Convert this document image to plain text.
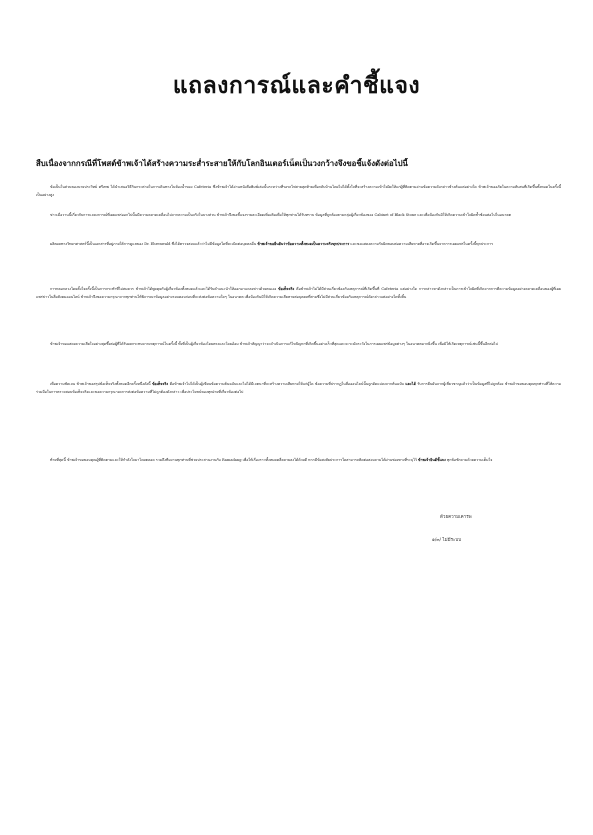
แถลงการณ์และคำชี้แจง
สืบเนื่องจากกรณีที่โพสต์ข้าพเจ้าได้สร้างความระส่ำระสายให้กับโลกอินเตอร์เน็ตเป็นวงกว้างจึงขอชี้แจ้งดังต่อไปนี้
ข้อเป็นในส่วนของนายประวิทย์ ศรีเทพ ได้นำเสนอวิธีกินกระต่ายในการเดินทางในห้องน้ำของ Cafeteria ซึ่งข้าพเจ้าได้อ่านหนังสือพิมพ์เล่มนั้นระหว่างที่รอรถไฟสายสุดท้ายเพื่อกลับบ้านโดยไม่ได้ตั้งใจที่จะสร้างความเข้าใจผิดให้แก่ผู้ที่ติดตามอ่านข้อความดังกล่าวข้างต้นแต่อย่างใด ข้าพเจ้าขออภัยในความสับสนที่เกิดขึ้นทั้งหมดในครั้งนี้เป็นอย่างสูง
ข่าวเมื่อวานนี้เกี่ยวกับการแถลงการณ์ที่เผยแพร่ออกไปนั้นมีความคลาดเคลื่อนไปจากความเป็นจริงในบางส่วน ข้าพเจ้าจึงขอชี้แจงรายละเอียดเพิ่มเติมเพื่อให้ทุกท่านได้รับทราบ ข้อมูลที่ถูกต้องตามกลุ่มผู้เกี่ยวข้องของ Cabinet of Black Stone และเพื่อป้องกันมิให้เกิดความเข้าใจผิดซ้ำซ้อนต่อไปในอนาคต
ผลิตผลทางวิทยาศาสตร์นี้เป็นเอกสารที่อยู่ภายใต้การดูแลของ Dr. Ehrenwald ซึ่งได้ตรวจสอบแล้วว่าไม่มีข้อมูลใดที่ละเมิดต่อบุคคลอื่น ข้าพเจ้าขอยืนยันว่าข้อความทั้งหมดเป็นความจริงทุกประการ และขอแสดงความรับผิดชอบต่อความเสียหายที่อาจเกิดขึ้นจากการเผยแพร่ในครั้งนี้ทุกประการ
การหลอกลวงโดยตั้งใจครั้งนี้เป็นการกระทำที่ไม่สมควร ข้าพเจ้าได้พูดคุยกับผู้เกี่ยวข้องทั้งหมดแล้วและได้รับคำแนะนำให้ออกมาแถลงข่าวด้วยตนเอง ข้อเท็จจริง คือข้าพเจ้าไม่ได้มีส่วนเกี่ยวข้องกับเหตุการณ์ที่เกิดขึ้นที่ Cafeteria แต่อย่างใด การกล่าวหาดังกล่าวเป็นการเข้าใจผิดที่เกิดจากการตีความข้อมูลอย่างคลาดเคลื่อนของผู้ที่เผยแพร่ข่าวในสื่อสังคมออนไลน์ ข้าพเจ้าจึงขอความกรุณาจากทุกท่านให้พิจารณาข้อมูลอย่างรอบคอบก่อนที่จะส่งต่อข้อความใดๆ ในอนาคต เพื่อป้องกันมิให้เกิดความเสียหายต่อบุคคลที่สามซึ่งไม่มีส่วนเกี่ยวข้องกับเหตุการณ์ดังกล่าวแต่อย่างใดทั้งสิ้น
ข้าพเจ้าขอแสดงความเสียใจอย่างสุดซึ้งต่อผู้ที่ได้รับผลกระทบจากเหตุการณ์ในครั้งนี้ ทั้งที่เป็นผู้เกี่ยวข้องโดยตรงและโดยอ้อม ข้าพเจ้าสัญญาว่าจะดำเนินการแก้ไขปัญหาที่เกิดขึ้นอย่างเร็วที่สุดและจะระมัดระวังในการเผยแพร่ข้อมูลต่างๆ ในอนาคตมากยิ่งขึ้น เพื่อมิให้เกิดเหตุการณ์เช่นนี้ขึ้นอีกต่อไป
เพื่อความชัดเจน ข้าพเจ้าขอสรุปข้อเท็จจริงทั้งหมดอีกครั้งหนึ่งดังนี้ ข้อเท็จจริง คือข้าพเจ้าไม่ได้เป็นผู้เขียนข้อความต้นฉบับและไม่ได้มีเจตนาที่จะสร้างความเสียหายให้แก่ผู้ใด ข้อความที่ปรากฏในสื่อออนไลน์นั้นถูกดัดแปลงจากต้นฉบับ และได้ รับการยืนยันจากผู้เชี่ยวชาญแล้วว่าเป็นข้อมูลที่ไม่ถูกต้อง ข้าพเจ้าขอขอบคุณทุกท่านที่ให้ความร่วมมือในการตรวจสอบข้อเท็จจริงและขอความกรุณางดการส่งต่อข้อความที่ไม่ถูกต้องดังกล่าว เพื่อประโยชน์ของทุกฝ่ายที่เกี่ยวข้องต่อไป
ท้ายที่สุดนี้ ข้าพเจ้าขอขอบคุณผู้ที่ติดตามและให้กำลังใจมาโดยตลอด รวมถึงทีมงานทุกท่านที่ช่วยประสานงานกับ Ramadang เพื่อให้เรื่องราวทั้งหมดคลี่คลายลงได้ด้วยดี หากมีข้อสงสัยประการใดสามารถติดต่อสอบถามได้ผ่านช่องทางที่ระบุไว้ ข้าพเจ้ายินดีชี้แจง ทุกข้อซักถามด้วยความเต็มใจ
ด้วยความเคารพ
๑/๓/ ไม่มีระบบ
